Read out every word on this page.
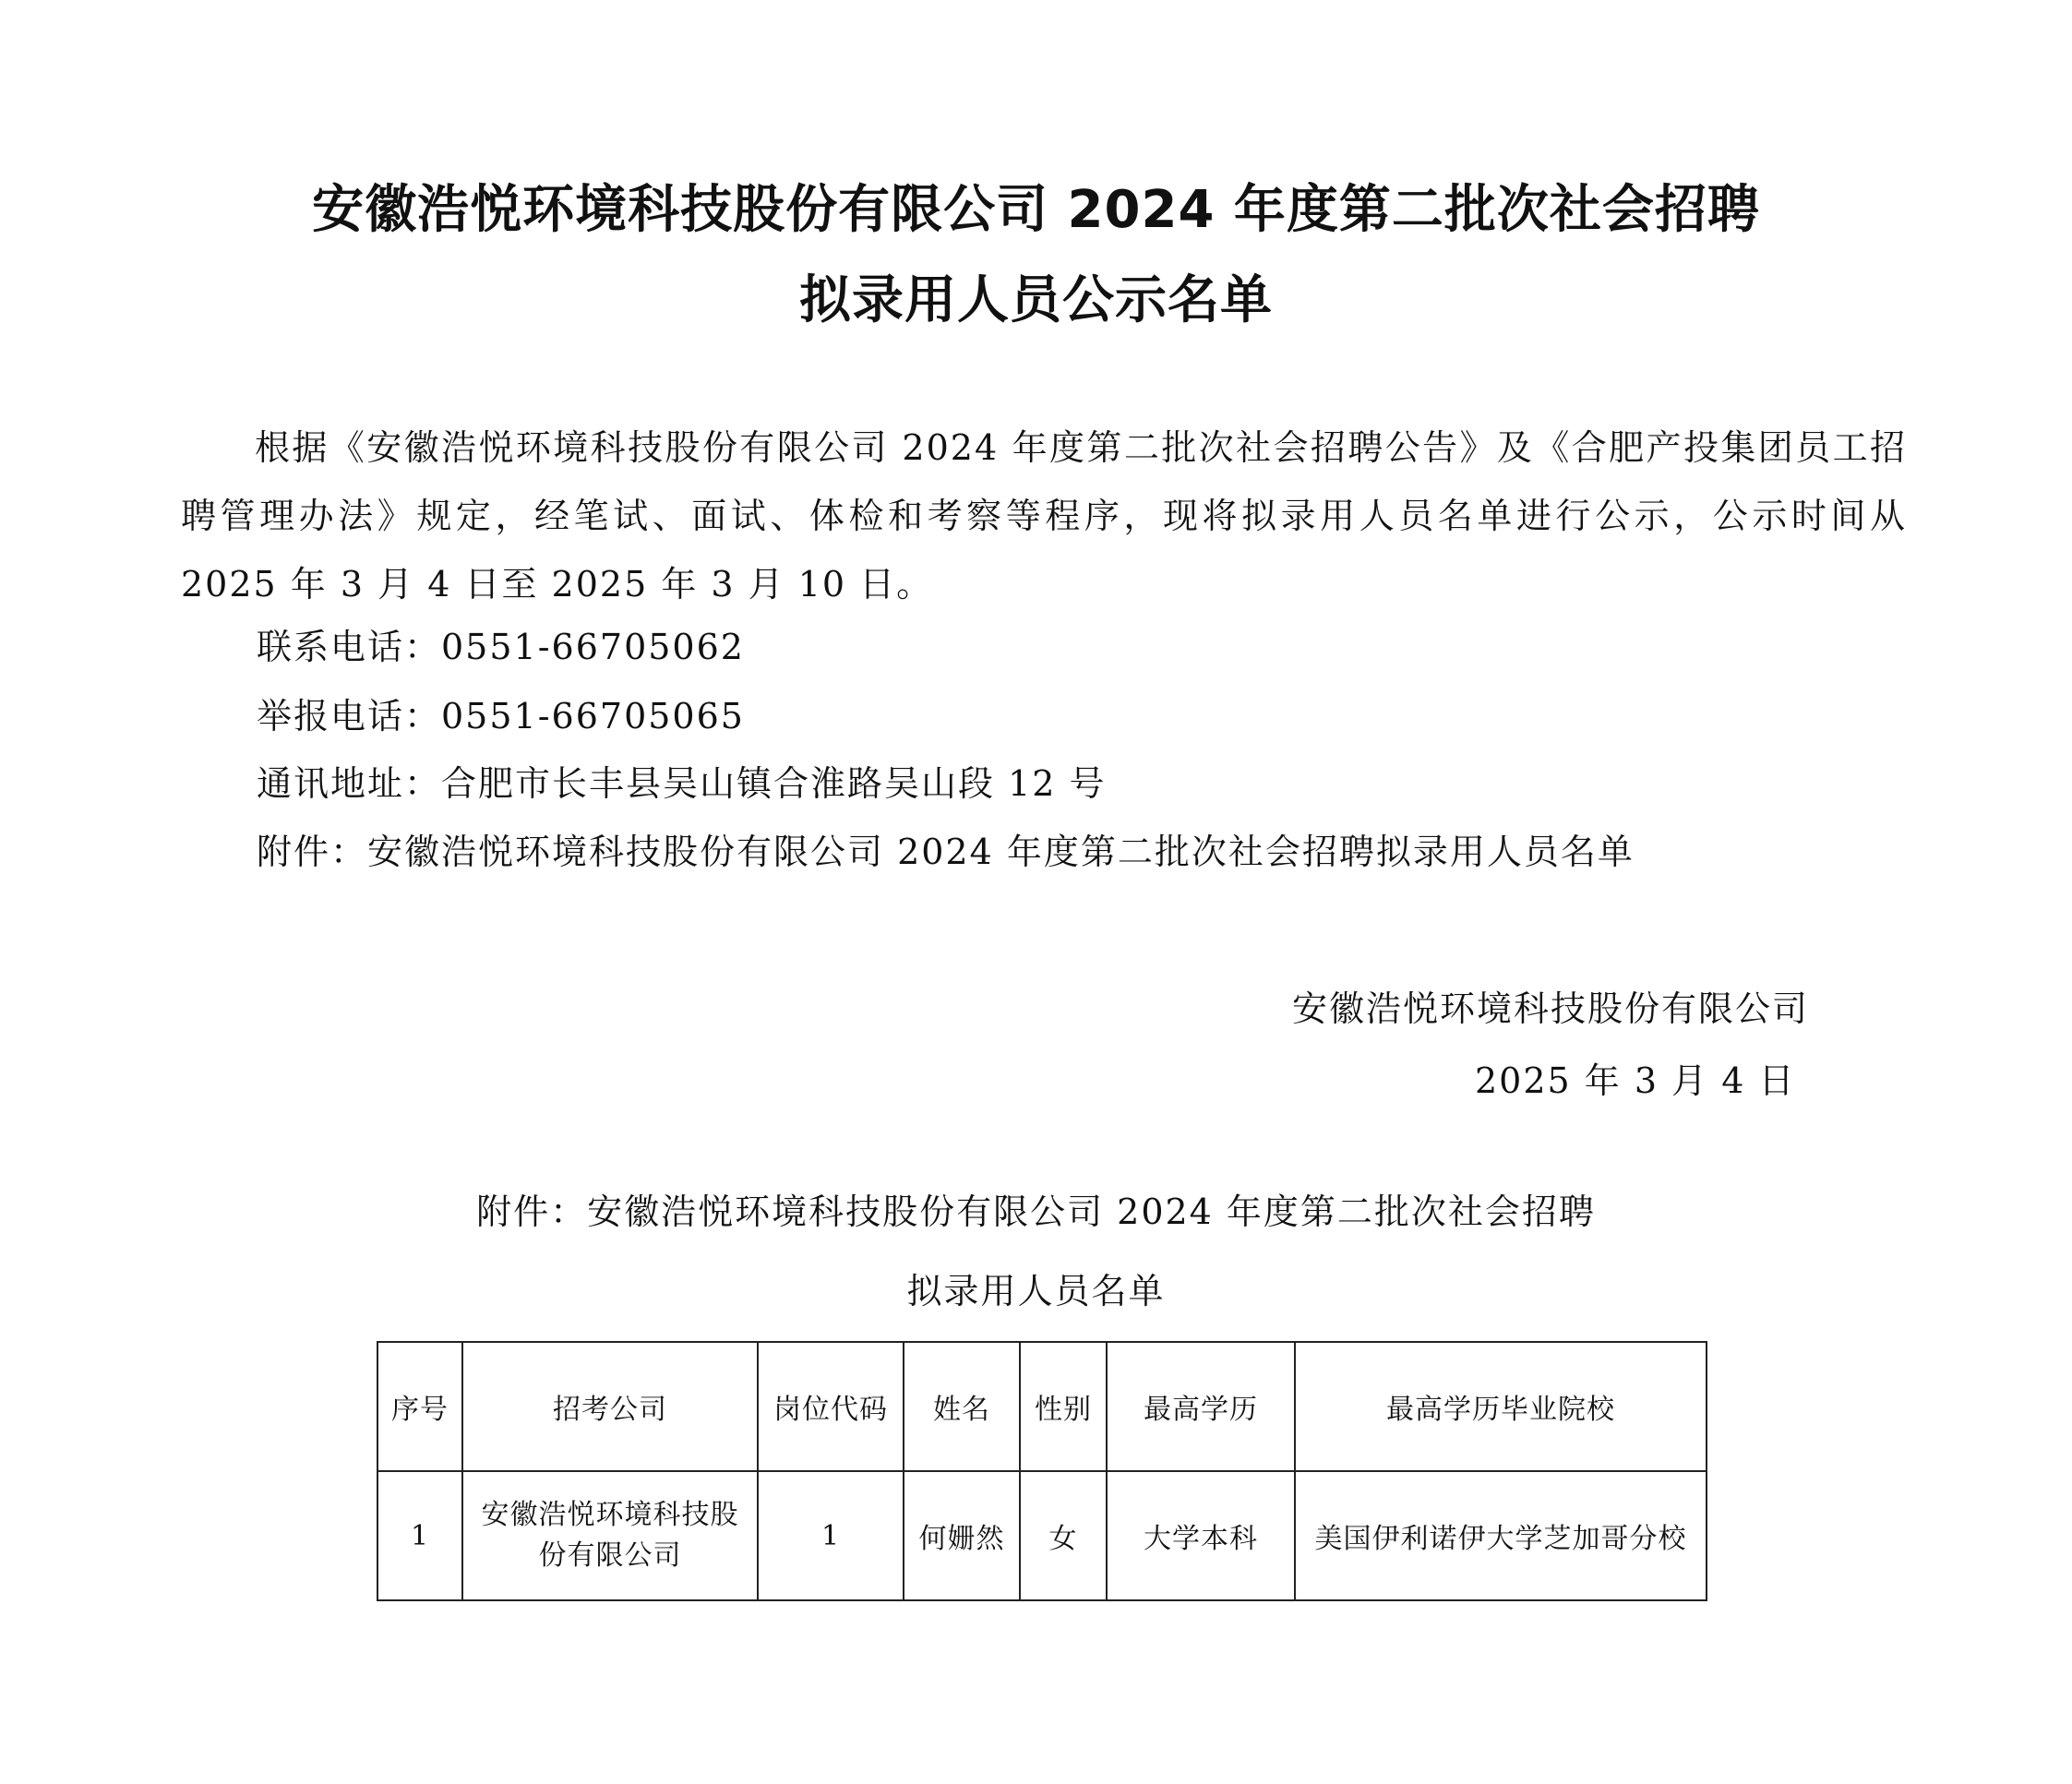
安徽浩悦环境科技股份有限公司 2024 年度第二批次社会招聘
拟录用人员公示名单

根据《安徽浩悦环境科技股份有限公司 2024 年度第二批次社会招聘公告》及《合肥产投集团员工招聘管理办法》规定，经笔试、面试、体检和考察等程序，现将拟录用人员名单进行公示，公示时间从 2025 年 3 月 4 日至 2025 年 3 月 10 日。

联系电话：0551-66705062

举报电话：0551-66705065

通讯地址：合肥市长丰县吴山镇合淮路吴山段 12 号

附件：安徽浩悦环境科技股份有限公司 2024 年度第二批次社会招聘拟录用人员名单

安徽浩悦环境科技股份有限公司

2025 年 3 月 4 日

附件：安徽浩悦环境科技股份有限公司 2024 年度第二批次社会招聘

拟录用人员名单

序号	招考公司	岗位代码	姓名	性别	最高学历	最高学历毕业院校
1	安徽浩悦环境科技股
份有限公司	1	何姗然	女	大学本科	美国伊利诺伊大学芝加哥分校
